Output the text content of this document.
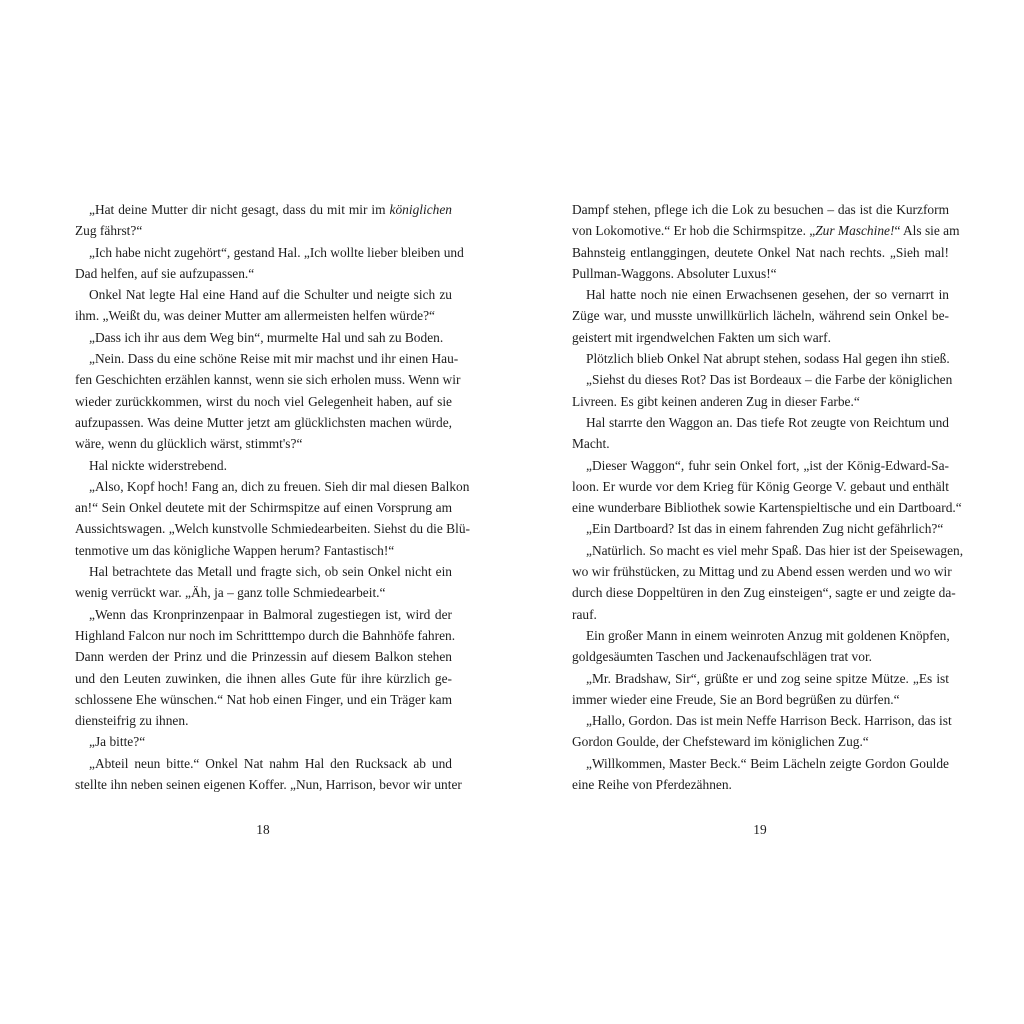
„Hat deine Mutter dir nicht gesagt, dass du mit mir im königlichen
Zug fährst?“
„Ich habe nicht zugehört“, gestand Hal. „Ich wollte lieber bleiben und
Dad helfen, auf sie aufzupassen.“
Onkel Nat legte Hal eine Hand auf die Schulter und neigte sich zu
ihm. „Weißt du, was deiner Mutter am allermeisten helfen würde?“
„Dass ich ihr aus dem Weg bin“, murmelte Hal und sah zu Boden.
„Nein. Dass du eine schöne Reise mit mir machst und ihr einen Hau-
fen Geschichten erzählen kannst, wenn sie sich erholen muss. Wenn wir
wieder zurückkommen, wirst du noch viel Gelegenheit haben, auf sie
aufzupassen. Was deine Mutter jetzt am glücklichsten machen würde,
wäre, wenn du glücklich wärst, stimmt's?“
Hal nickte widerstrebend.
„Also, Kopf hoch! Fang an, dich zu freuen. Sieh dir mal diesen Balkon
an!“ Sein Onkel deutete mit der Schirmspitze auf einen Vorsprung am
Aussichtswagen. „Welch kunstvolle Schmiedearbeiten. Siehst du die Blü-
tenmotive um das königliche Wappen herum? Fantastisch!“
Hal betrachtete das Metall und fragte sich, ob sein Onkel nicht ein
wenig verrückt war. „Äh, ja – ganz tolle Schmiedearbeit.“
„Wenn das Kronprinzenpaar in Balmoral zugestiegen ist, wird der
Highland Falcon nur noch im Schritttempo durch die Bahnhöfe fahren.
Dann werden der Prinz und die Prinzessin auf diesem Balkon stehen
und den Leuten zuwinken, die ihnen alles Gute für ihre kürzlich ge-
schlossene Ehe wünschen.“ Nat hob einen Finger, und ein Träger kam
diensteifrig zu ihnen.
„Ja bitte?“
„Abteil neun bitte.“ Onkel Nat nahm Hal den Rucksack ab und
stellte ihn neben seinen eigenen Koffer. „Nun, Harrison, bevor wir unter
18
Dampf stehen, pflege ich die Lok zu besuchen – das ist die Kurzform
von Lokomotive.“ Er hob die Schirmspitze. „Zur Maschine!“ Als sie am
Bahnsteig entlanggingen, deutete Onkel Nat nach rechts. „Sieh mal!
Pullman-Waggons. Absoluter Luxus!“
Hal hatte noch nie einen Erwachsenen gesehen, der so vernarrt in
Züge war, und musste unwillkürlich lächeln, während sein Onkel be-
geistert mit irgendwelchen Fakten um sich warf.
Plötzlich blieb Onkel Nat abrupt stehen, sodass Hal gegen ihn stieß.
„Siehst du dieses Rot? Das ist Bordeaux – die Farbe der königlichen
Livreen. Es gibt keinen anderen Zug in dieser Farbe.“
Hal starrte den Waggon an. Das tiefe Rot zeugte von Reichtum und
Macht.
„Dieser Waggon“, fuhr sein Onkel fort, „ist der König-Edward-Sa-
loon. Er wurde vor dem Krieg für König George V. gebaut und enthält
eine wunderbare Bibliothek sowie Kartenspieltische und ein Dartboard.“
„Ein Dartboard? Ist das in einem fahrenden Zug nicht gefährlich?“
„Natürlich. So macht es viel mehr Spaß. Das hier ist der Speisewagen,
wo wir frühstücken, zu Mittag und zu Abend essen werden und wo wir
durch diese Doppeltüren in den Zug einsteigen“, sagte er und zeigte da-
rauf.
Ein großer Mann in einem weinroten Anzug mit goldenen Knöpfen,
goldgesäumten Taschen und Jackenaufschlägen trat vor.
„Mr. Bradshaw, Sir“, grüßte er und zog seine spitze Mütze. „Es ist
immer wieder eine Freude, Sie an Bord begrüßen zu dürfen.“
„Hallo, Gordon. Das ist mein Neffe Harrison Beck. Harrison, das ist
Gordon Goulde, der Chefsteward im königlichen Zug.“
„Willkommen, Master Beck.“ Beim Lächeln zeigte Gordon Goulde
eine Reihe von Pferdezähnen.
19
